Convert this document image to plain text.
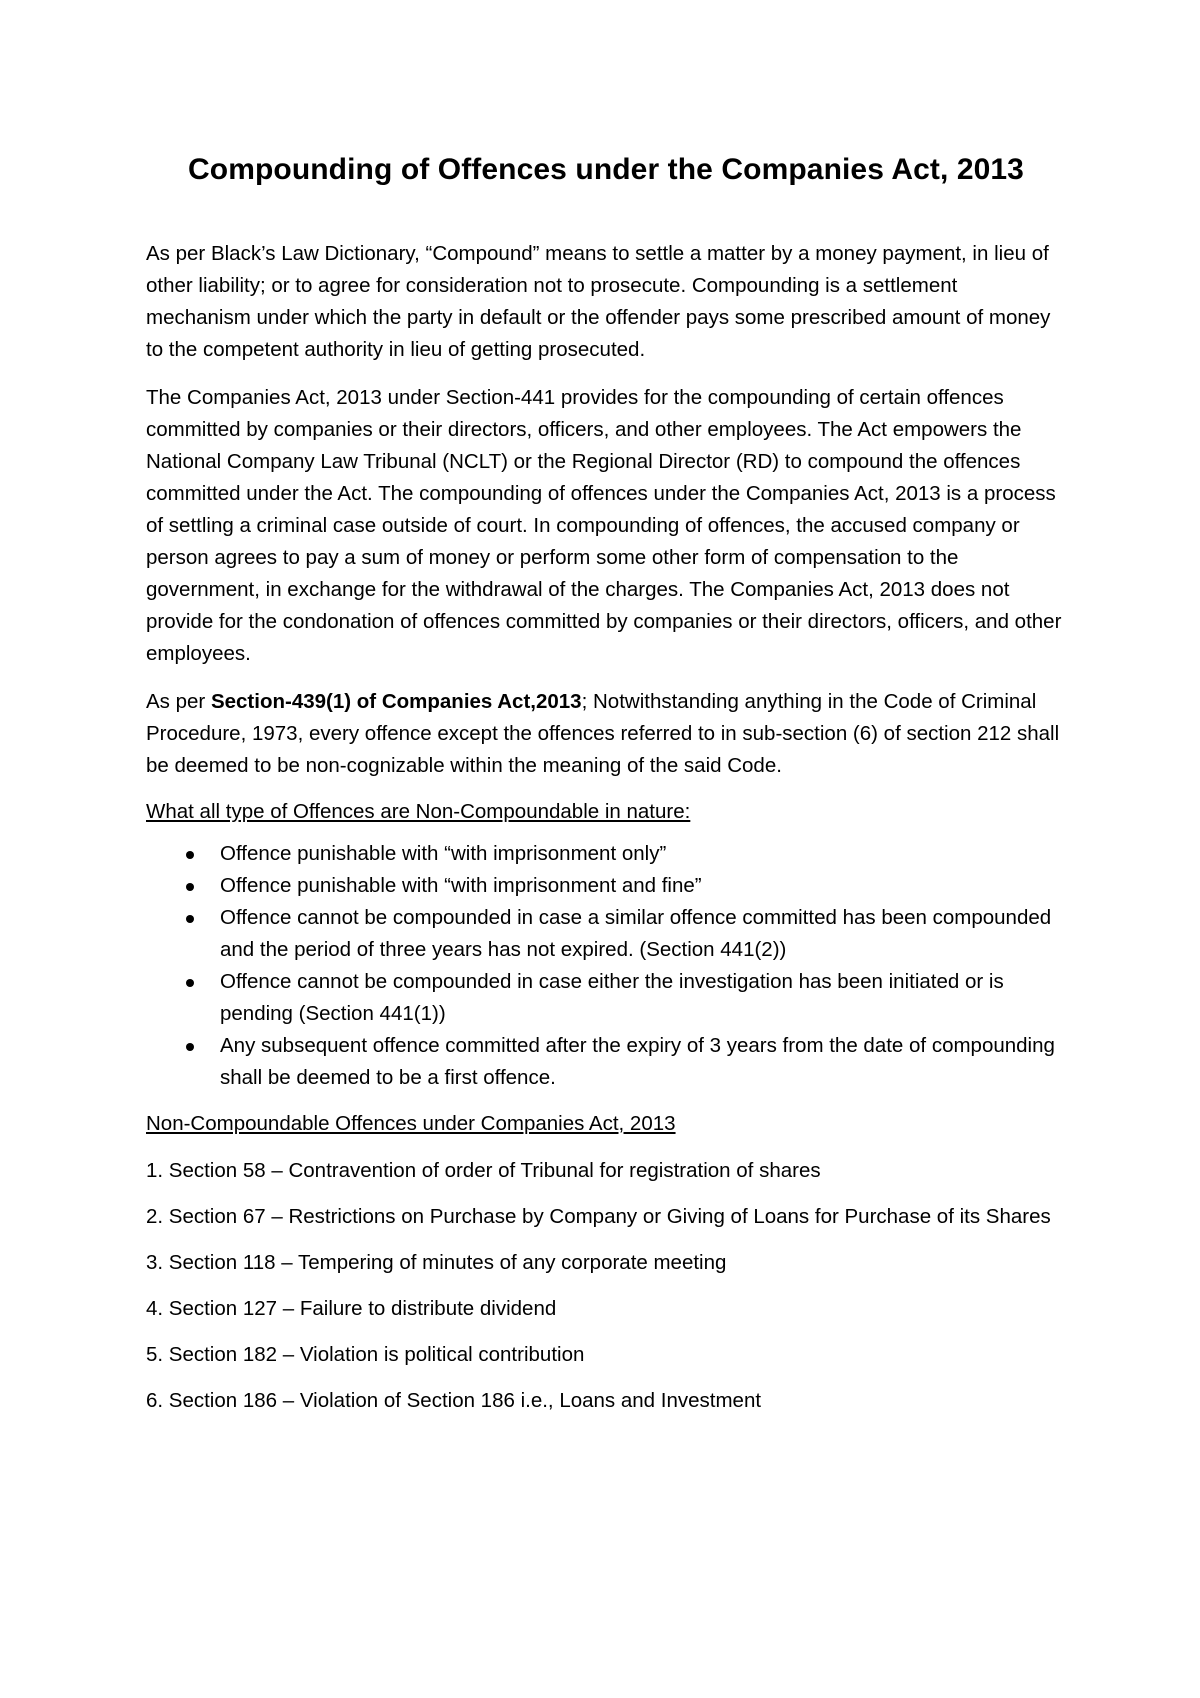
Compounding of Offences under the Companies Act, 2013

As per Black’s Law Dictionary, “Compound” means to settle a matter by a money payment, in lieu of other liability; or to agree for consideration not to prosecute. Compounding is a settlement mechanism under which the party in default or the offender pays some prescribed amount of money to the competent authority in lieu of getting prosecuted.

The Companies Act, 2013 under Section-441 provides for the compounding of certain offences committed by companies or their directors, officers, and other employees. The Act empowers the National Company Law Tribunal (NCLT) or the Regional Director (RD) to compound the offences committed under the Act. The compounding of offences under the Companies Act, 2013 is a process of settling a criminal case outside of court. In compounding of offences, the accused company or person agrees to pay a sum of money or perform some other form of compensation to the government, in exchange for the withdrawal of the charges. The Companies Act, 2013 does not provide for the condonation of offences committed by companies or their directors, officers, and other employees.

As per Section-439(1) of Companies Act,2013; Notwithstanding anything in the Code of Criminal Procedure, 1973, every offence except the offences referred to in sub-section (6) of section 212 shall be deemed to be non-cognizable within the meaning of the said Code.

What all type of Offences are Non-Compoundable in nature:

Offence punishable with “with imprisonment only”
Offence punishable with “with imprisonment and fine”
Offence cannot be compounded in case a similar offence committed has been compounded and the period of three years has not expired. (Section 441(2))
Offence cannot be compounded in case either the investigation has been initiated or is pending (Section 441(1))
Any subsequent offence committed after the expiry of 3 years from the date of compounding shall be deemed to be a first offence.

Non-Compoundable Offences under Companies Act, 2013

1. Section 58 – Contravention of order of Tribunal for registration of shares

2. Section 67 – Restrictions on Purchase by Company or Giving of Loans for Purchase of its Shares

3. Section 118 – Tempering of minutes of any corporate meeting

4. Section 127 – Failure to distribute dividend

5. Section 182 – Violation is political contribution

6. Section 186 – Violation of Section 186 i.e., Loans and Investment
